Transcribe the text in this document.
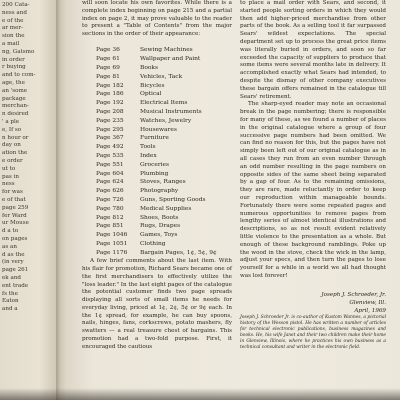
200 Cata-
ness and
e of the
ar mer-
sion the
a mail
ng, Gatsmo
in order
r buying
and to com-
age, the
an 'some
package
merchan-
n desired
' a ple
e, If so
n hour or
day on
ation the
e order
ut to
pas in
ness
for was
e of that
page 259
fer Ward
ur Mouse
d a to
on pages
as an
d as the
(in very
page 261
ek and
ent trade
fs the
Eaton
and a

will soon locate his own favorites. While there is a complete index beginning on page 215 and a partial index on page 2, it may prove valuable to the reader to present a "Table of Contents" from the major sections in the order of their appearance:

Page 36	Sewing Machines
Page 61	Wallpaper and Paint
Page 69	Books
Page 81	Vehicles, Tack
Page 182	Bicycles
Page 186	Optical
Page 192	Electrical Items
Page 208	Musical Instruments
Page 235	Watches, Jewelry
Page 295	Housewares
Page 367	Furniture
Page 492	Tools
Page 535	Index
Page 551	Groceries
Page 604	Plumbing
Page 624	Stoves, Ranges
Page 626	Photography
Page 726	Guns, Sporting Goods
Page 780	Medical Supplies
Page 812	Shoes, Boots
Page 851	Rugs, Drapes
Page 1046	Games, Toys
Page 1051	Clothing
Page 1176	Bargain Pages, 1¢, 5¢, 9¢

A few brief comments about the last item. With his flair for promotion, Richard Sears became one of the first merchandisers to effectively utilize the "loss leader." In the last eight pages of the catalogue the potential customer finds two page spreads displaying all sorts of small items he needs for everyday living, priced at 1¢, 2¢, 5¢ or 9¢ each. In the 1¢ spread, for example, he can buy spoons, nails, hinges, fans, corkscrews, potato mashers, fly swatters — a real treasure chest of bargains. This promotion had a two-fold purpose. First, it encouraged the cautious

to place a mail order with Sears, and second, it started people sorting orders in which they would then add higher-priced merchandise from other parts of the book. As a selling tool it far surpassed Sears' wildest expectations. The special department set up to process the great price items was literally buried in orders, and soon so far exceeded the capacity of suppliers to produce that some items were several months late in delivery. It accomplished exactly what Sears had intended, to despite the dismay of other company executives these bargain offers remained in the catalogue till Sears' retirement.

The sharp-eyed reader may note an occasional break in the page numbering; there is responsible for many of these, as we found a number of places in the original catalogue where a group of four successive page numbers had been omitted. We can find no reason for this, but the pages have not simply been left out of our original catalogue as in all cases they run from an even number through an odd number resulting in the page numbers on opposite sides of the same sheet being separated by a gap of four. As to the remaining omissions, they are rare, made reluctantly in order to keep our reproduction within manageable bounds. Fortunately there were some repeated pages and numerous opportunities to remove pages from lengthy series of almost identical illustrations and descriptions, so as not result evident relatively little violence to the presentation as a whole. But enough of these background ramblings. Poke up the wood in the stove, check the wick in the lamp, adjust your specs, and then turn the pages to lose yourself for a while in a world we all had thought was lost forever!

Joseph J. Schroeder, Jr.
Glenview, Ill.
April, 1969

Joseph J. Schroeder Jr. is co-author of Kustom Wannes, a pictorial history of the Wesson pistol. He has written a number of articles for technical electronic publications, business magazines and books. He, his wife Janet and their two children make their home in Glenview, Illinois, where he practices his own business as a technical consultant and writer in the electronic field.
